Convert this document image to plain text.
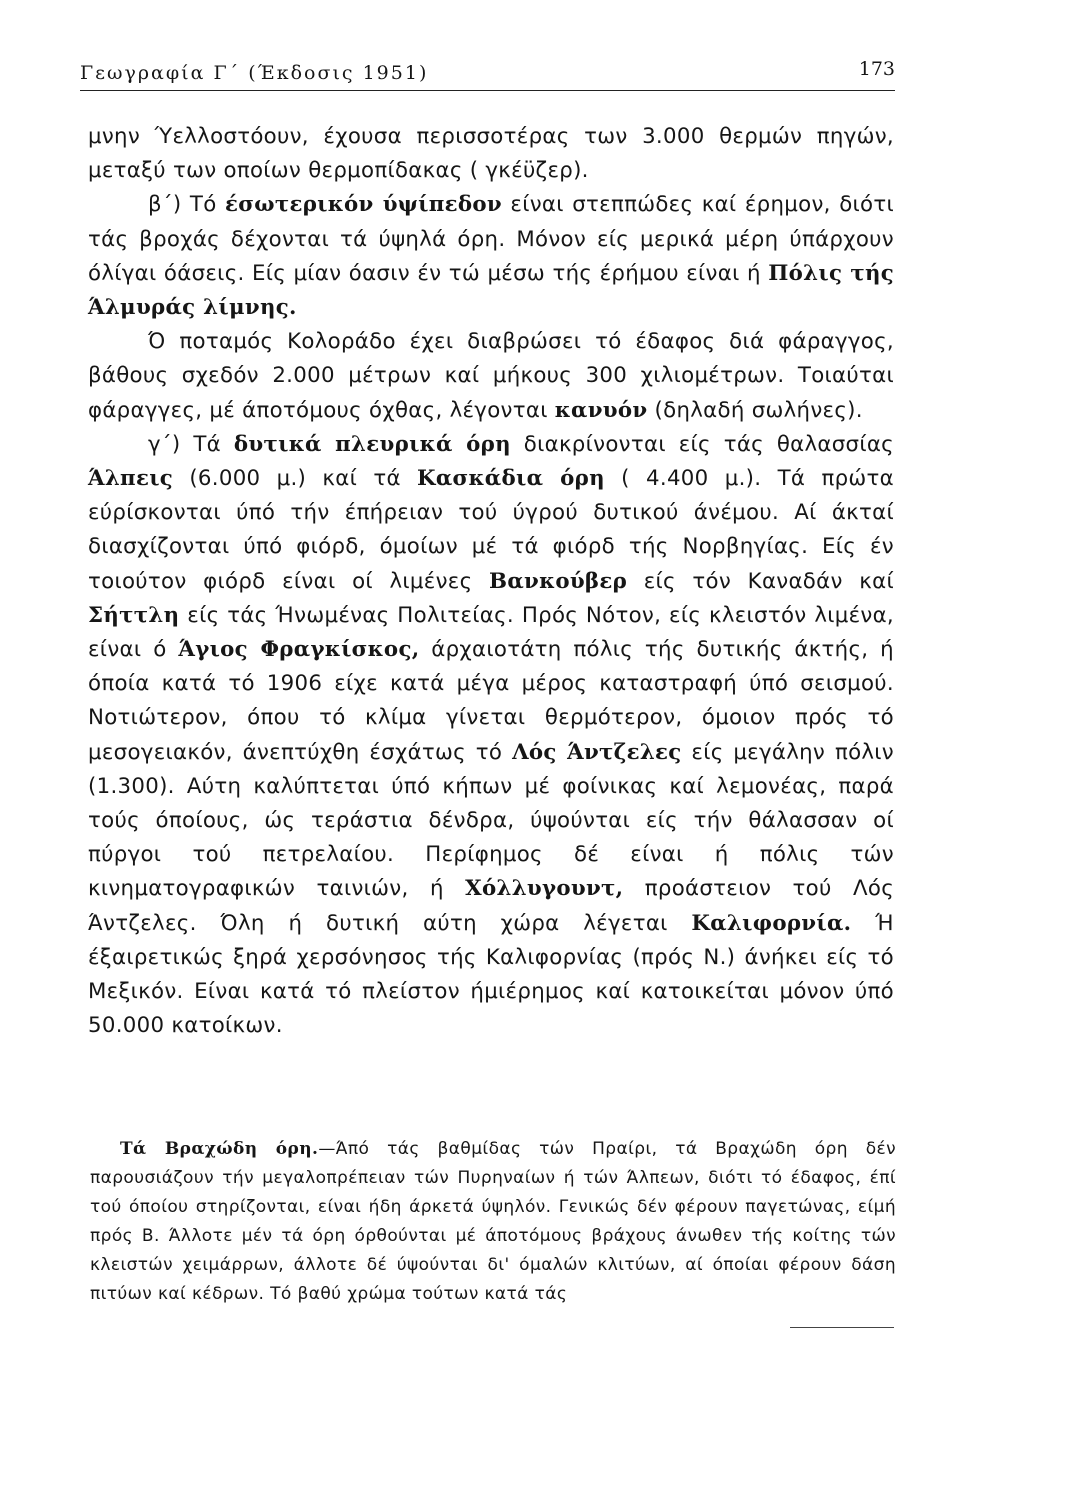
Γεωγραφία Γ΄ (Έκδοσις 1951)	173

μνην Ύελλοστόουν, έχουσα περισσοτέρας των 3.000 θερμών πηγών, μεταξύ των οποίων θερμοπίδακας ( γκέϋζερ).

β΄) Τό έσωτερικόν ύψίπεδον είναι στεππώδες καί έρημον, διότι τάς βροχάς δέχονται τά ύψηλά όρη. Μόνον είς μερικά μέρη ύπάρχουν όλίγαι όάσεις. Είς μίαν όασιν έν τώ μέσω τής έρήμου είναι ή Πόλις τής Άλμυράς λίμνης.

Ό ποταμός Κολοράδο έχει διαβρώσει τό έδαφος διά φάραγγος, βάθους σχεδόν 2.000 μέτρων καί μήκους 300 χιλιομέτρων. Τοιαύται φάραγγες, μέ άποτόμους όχθας, λέγονται κανυόν (δηλαδή σωλήνες).

γ΄) Τά δυτικά πλευρικά όρη διακρίνονται είς τάς θαλασσίας Άλπεις (6.000 μ.) καί τά Κασκάδια όρη ( 4.400 μ.). Τά πρώτα εύρίσκονται ύπό τήν έπήρειαν τού ύγρού δυτικού άνέμου. Αί άκταί διασχίζονται ύπό φιόρδ, όμοίων μέ τά φιόρδ τής Νορβηγίας. Είς έν τοιούτον φιόρδ είναι οί λιμένες Βανκούβερ είς τόν Καναδάν καί Σήττλη είς τάς Ήνωμένας Πολιτείας. Πρός Νότον, είς κλειστόν λιμένα, είναι ό Άγιος Φραγκίσκος, άρχαιοτάτη πόλις τής δυτικής άκτής, ή όποία κατά τό 1906 είχε κατά μέγα μέρος καταστραφή ύπό σεισμού. Νοτιώτερον, όπου τό κλίμα γίνεται θερμότερον, όμοιον πρός τό μεσογειακόν, άνεπτύχθη έσχάτως τό Λός Άντζελες είς μεγάλην πόλιν (1.300). Αύτη καλύπτεται ύπό κήπων μέ φοίνικας καί λεμονέας, παρά τούς όποίους, ώς τεράστια δένδρα, ύψούνται είς τήν θάλασσαν οί πύργοι τού πετρελαίου. Περίφημος δέ είναι ή πόλις τών κινηματογραφικών ταινιών, ή Χόλλυγουντ, προάστειον τού Λός Άντζελες. Όλη ή δυτική αύτη χώρα λέγεται Καλιφορνία. Ή έξαιρετικώς ξηρά χερσόνησος τής Καλιφορνίας (πρός Ν.) άνήκει είς τό Μεξικόν. Είναι κατά τό πλείστον ήμιέρημος καί κατοικείται μόνον ύπό 50.000 κατοίκων.

Τά Βραχώδη όρη.—Άπό τάς βαθμίδας τών Πραίρι, τά Βραχώδη όρη δέν παρουσιάζουν τήν μεγαλοπρέπειαν τών Πυρηναίων ή τών Άλπεων, διότι τό έδαφος, έπί τού όποίου στηρίζονται, είναι ήδη άρκετά ύψηλόν. Γενικώς δέν φέρουν παγετώνας, είμή πρός Β. Άλλοτε μέν τά όρη όρθούνται μέ άποτόμους βράχους άνωθεν τής κοίτης τών κλειστών χειμάρρων, άλλοτε δέ ύψούνται δι' όμαλών κλιτύων, αί όποίαι φέρουν δάση πιτύων καί κέδρων. Τό βαθύ χρώμα τούτων κατά τάς
